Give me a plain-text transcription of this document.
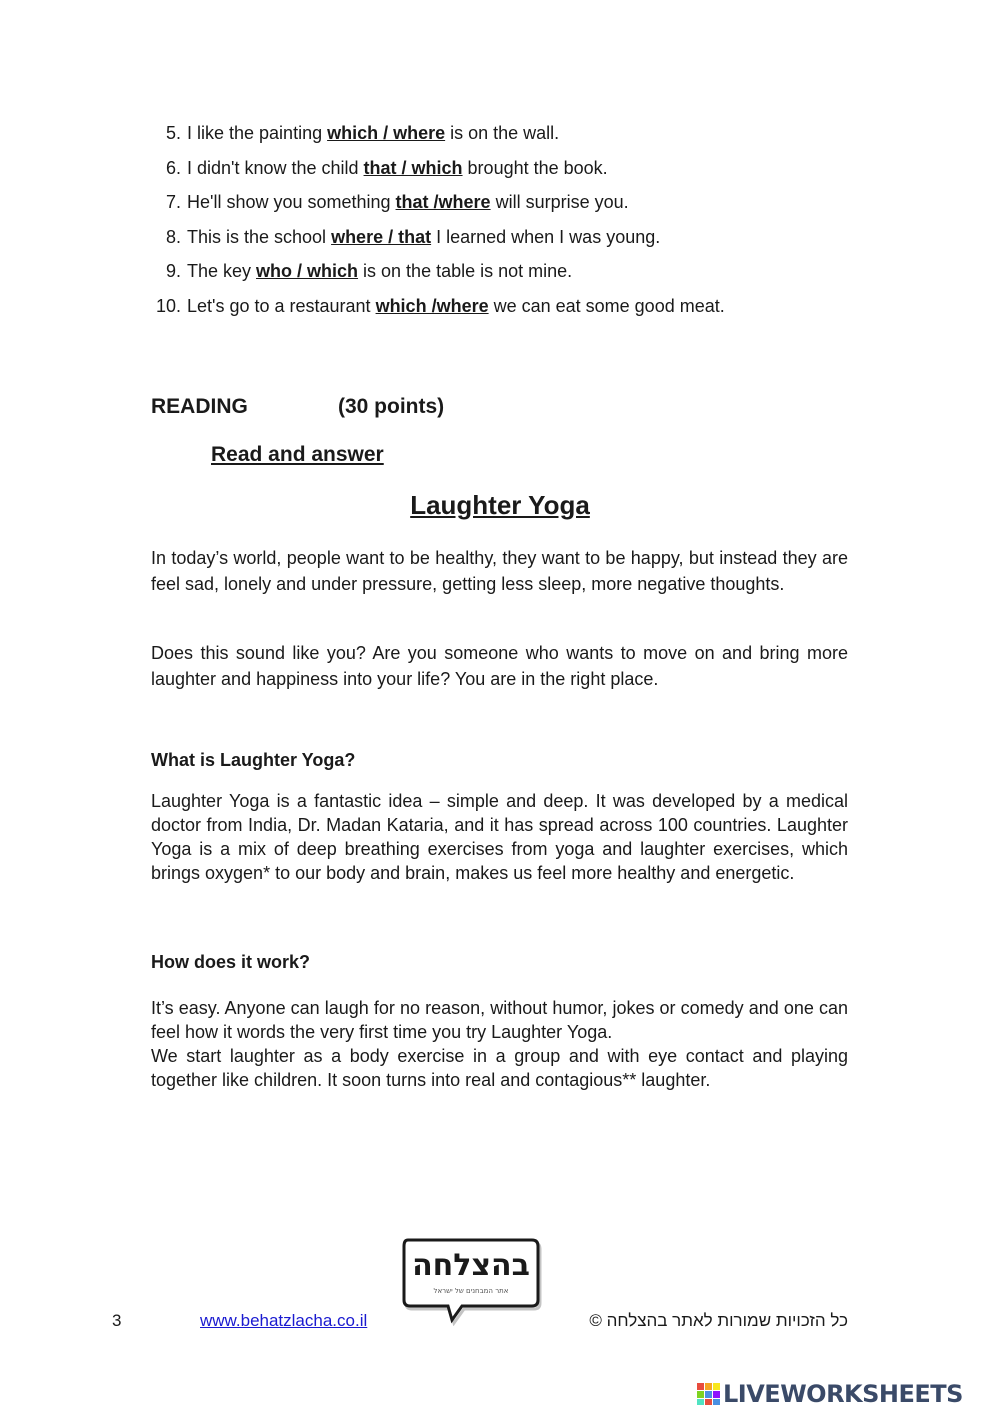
5. I like the painting which / where is on the wall.
6. I didn't know the child that / which brought the book.
7. He'll show you something that /where will surprise you.
8. This is the school where / that I learned when I was young.
9. The key who / which is on the table is not mine.
10. Let's go to a restaurant which /where we can eat some good meat.
READING	(30 points)
Read and answer
Laughter Yoga

In today’s world, people want to be healthy, they want to be happy, but instead they are feel sad, lonely and under pressure, getting less sleep, more negative thoughts.

Does this sound like you? Are you someone who wants to move on and bring more laughter and happiness into your life? You are in the right place.

What is Laughter Yoga?

Laughter Yoga is a fantastic idea – simple and deep. It was developed by a medical doctor from India, Dr. Madan Kataria, and it has spread across 100 countries. Laughter Yoga is a mix of deep breathing exercises from yoga and laughter exercises, which brings oxygen* to our body and brain, makes us feel more healthy and energetic.

How does it work?

It’s easy. Anyone can laugh for no reason, without humor, jokes or comedy and one can feel how it words the very first time you try Laughter Yoga.

We start laughter as a body exercise in a group and with eye contact and playing together like children. It soon turns into real and contagious** laughter.

בהצלחה
אתר המבחנים של ישראל
3	www.behatzlacha.co.il	כל הזכויות שמורות לאתר בהצלחה ©
LIVEWORKSHEETS
